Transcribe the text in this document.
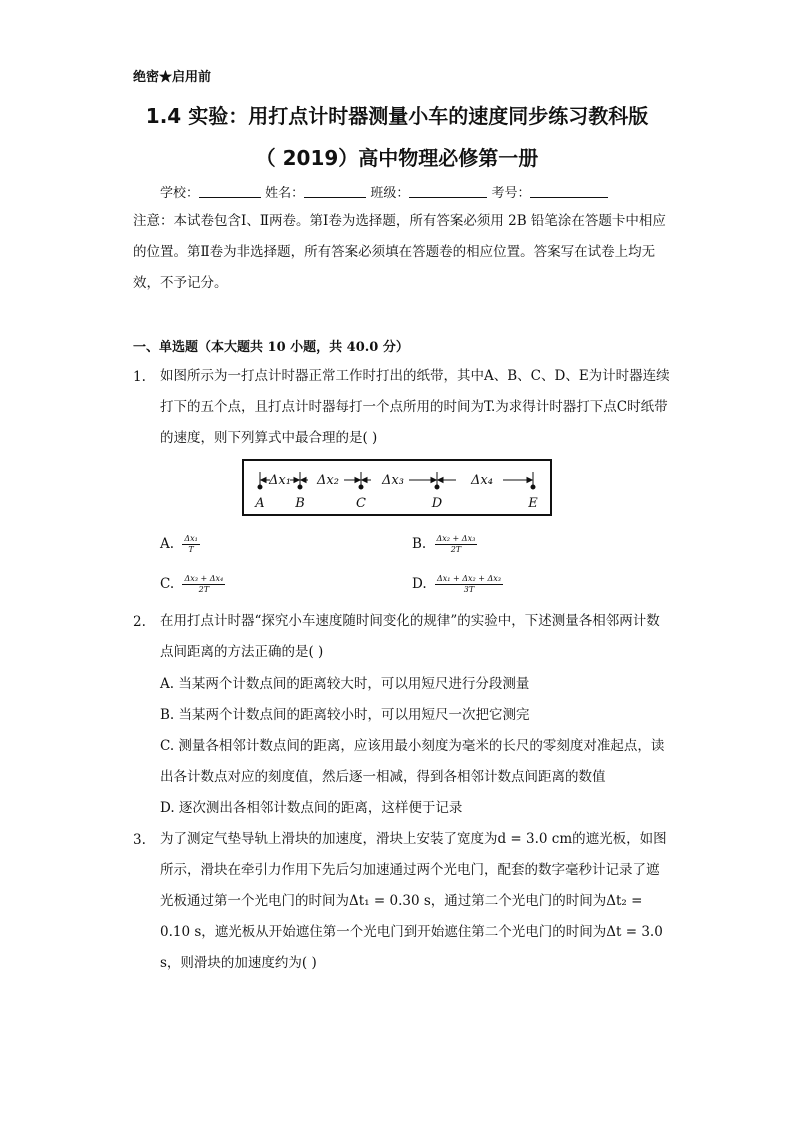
绝密★启用前
1.4 实验：用打点计时器测量小车的速度同步练习教科版
（ 2019）高中物理必修第一册
学校：	姓名：	班级：	考号：
注意：本试卷包含Ⅰ、Ⅱ两卷。第Ⅰ卷为选择题，所有答案必须用 2B 铅笔涂在答题卡中相应的位置。第Ⅱ卷为非选择题，所有答案必须填在答题卷的相应位置。答案写在试卷上均无效，不予记分。
一、单选题（本大题共 10 小题，共 40.0 分）
1. 如图所示为一打点计时器正常工作时打出的纸带，其中A、B、C、D、E为计时器连续打下的五个点，且打点计时器每打一个点所用的时间为T.为求得计时器打下点C时纸带的速度，则下列算式中最合理的是( )
Δx₁ Δx₂	Δx₃	Δx₄
A B	C	D	E
A. $\frac{\text{Δx₁}}{T}$	B. $\frac{\text{Δx₂ + Δx₃}}{2T}$
C. $\frac{\text{Δx₃ + Δx₄}}{2T}$	D. $\frac{\text{Δx₁ + Δx₂ + Δx₃}}{3T}$
2. 在用打点计时器“探究小车速度随时间变化的规律”的实验中，下述测量各相邻两计数点间距离的方法正确的是( )
A. 当某两个计数点间的距离较大时，可以用短尺进行分段测量
B. 当某两个计数点间的距离较小时，可以用短尺一次把它测完
C. 测量各相邻计数点间的距离，应该用最小刻度为毫米的长尺的零刻度对准起点，读出各计数点对应的刻度值，然后逐一相减，得到各相邻计数点间距离的数值
D. 逐次测出各相邻计数点间的距离，这样便于记录
3. 为了测定气垫导轨上滑块的加速度，滑块上安装了宽度为d = 3.0 cm的遮光板，如图所示，滑块在牵引力作用下先后匀加速通过两个光电门，配套的数字毫秒计记录了遮光板通过第一个光电门的时间为Δt₁ = 0.30 s，通过第二个光电门的时间为Δt₂ = 0.10 s，遮光板从开始遮住第一个光电门到开始遮住第二个光电门的时间为Δt = 3.0 s，则滑块的加速度约为( )
